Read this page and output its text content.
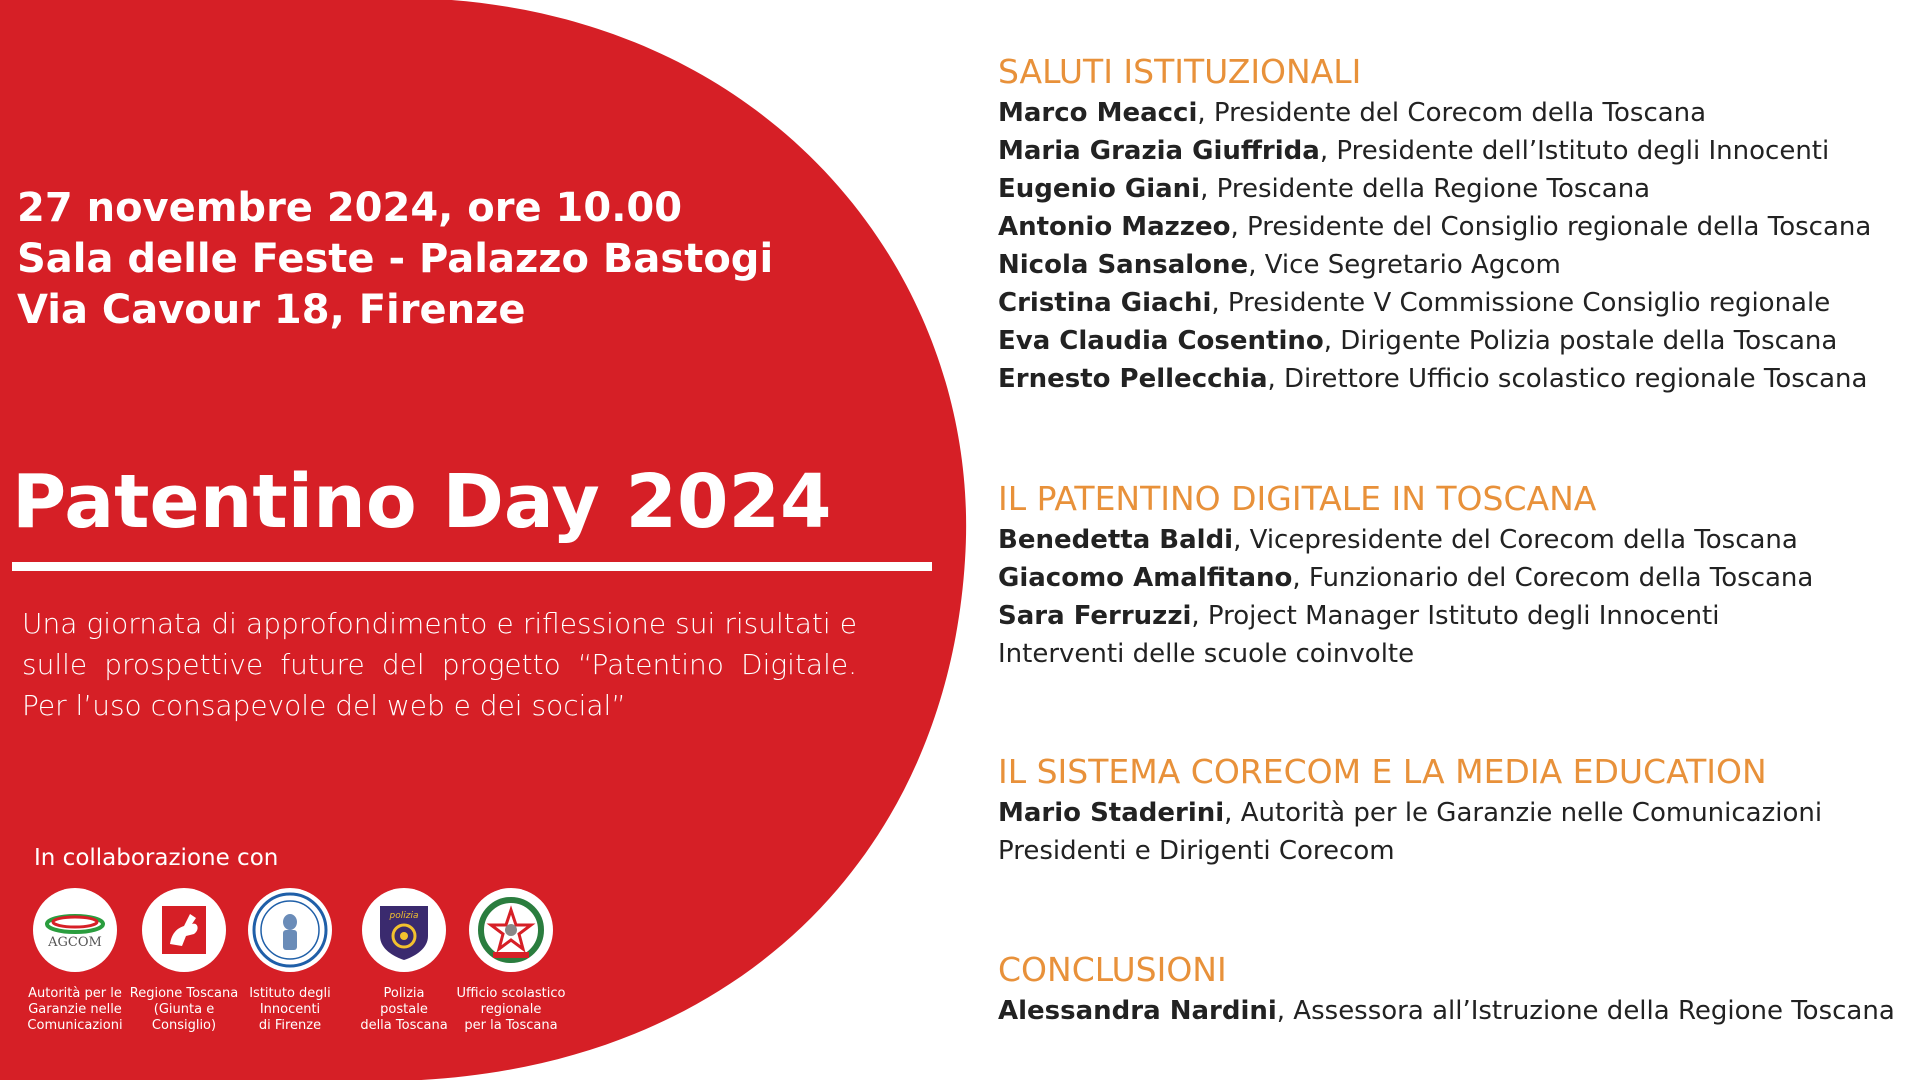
27 novembre 2024, ore 10.00
Sala delle Feste - Palazzo Bastogi
Via Cavour 18, Firenze
Patentino Day 2024
Una giornata di approfondimento e riflessione sui risultati e sulle prospettive future del progetto “Patentino Digitale. Per l’uso consapevole del web e dei social”
In collaborazione con
AGCOM
Autorità per le
Garanzie nelle
Comunicazioni
Regione Toscana
(Giunta e
Consiglio)
Istituto degli
Innocenti
di Firenze
polizia
Polizia
postale
della Toscana
Ufficio scolastico
regionale
per la Toscana
SALUTI ISTITUZIONALI
Marco Meacci, Presidente del Corecom della Toscana
Maria Grazia Giuffrida, Presidente dell’Istituto degli Innocenti
Eugenio Giani, Presidente della Regione Toscana
Antonio Mazzeo, Presidente del Consiglio regionale della Toscana
Nicola Sansalone, Vice Segretario Agcom
Cristina Giachi, Presidente V Commissione Consiglio regionale
Eva Claudia Cosentino, Dirigente Polizia postale della Toscana
Ernesto Pellecchia, Direttore Ufficio scolastico regionale Toscana
IL PATENTINO DIGITALE IN TOSCANA
Benedetta Baldi, Vicepresidente del Corecom della Toscana
Giacomo Amalfitano, Funzionario del Corecom della Toscana
Sara Ferruzzi, Project Manager Istituto degli Innocenti
Interventi delle scuole coinvolte
IL SISTEMA CORECOM E LA MEDIA EDUCATION
Mario Staderini, Autorità per le Garanzie nelle Comunicazioni
Presidenti e Dirigenti Corecom
CONCLUSIONI
Alessandra Nardini, Assessora all’Istruzione della Regione Toscana
